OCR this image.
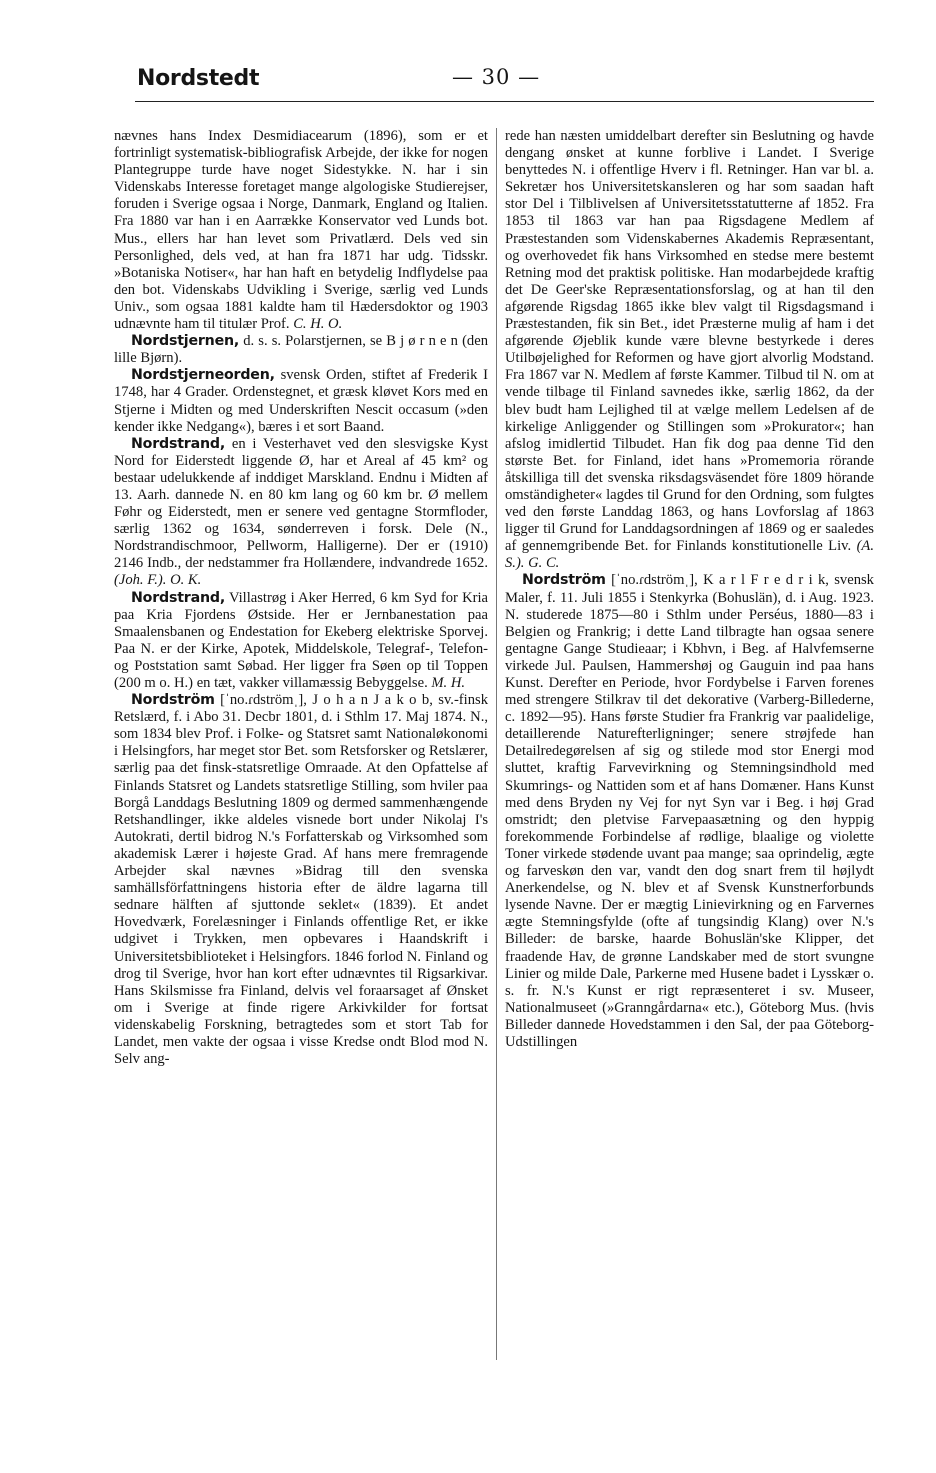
Nordstedt	— 30 —

nævnes hans Index Desmidiacearum (1896), som er et fortrinligt systematisk-bibliografisk Arbejde, der ikke for nogen Plantegruppe turde have noget Sidestykke. N. har i sin Videnskabs Interesse foretaget mange algologiske Studierejser, foruden i Sverige ogsaa i Norge, Danmark, England og Italien. Fra 1880 var han i en Aarrække Konservator ved Lunds bot. Mus., ellers har han levet som Privatlærd. Dels ved sin Personlighed, dels ved, at han fra 1871 har udg. Tidsskr. »Botaniska Notiser«, har han haft en betydelig Indflydelse paa den bot. Videnskabs Udvikling i Sverige, særlig ved Lunds Univ., som ogsaa 1881 kaldte ham til Hædersdoktor og 1903 udnævnte ham til titulær Prof. C. H. O.

Nordstjernen, d. s. s. Polarstjernen, se B j ø r n e n (den lille Bjørn).

Nordstjerneorden, svensk Orden, stiftet af Frederik I 1748, har 4 Grader. Ordenstegnet, et græsk kløvet Kors med en Stjerne i Midten og med Underskriften Nescit occasum (»den kender ikke Nedgang«), bæres i et sort Baand.

Nordstrand, en i Vesterhavet ved den slesvigske Kyst Nord for Eiderstedt liggende Ø, har et Areal af 45 km² og bestaar udelukkende af inddiget Marskland. Endnu i Midten af 13. Aarh. dannede N. en 80 km lang og 60 km br. Ø mellem Føhr og Eiderstedt, men er senere ved gentagne Stormfloder, særlig 1362 og 1634, sønderreven i forsk. Dele (N., Nordstrandischmoor, Pellworm, Halligerne). Der er (1910) 2146 Indb., der nedstammer fra Hollændere, indvandrede 1652. (Joh. F.). O. K.

Nordstrand, Villastrøg i Aker Herred, 6 km Syd for Kria paa Kria Fjordens Østside. Her er Jernbanestation paa Smaalensbanen og Endestation for Ekeberg elektriske Sporvej. Paa N. er der Kirke, Apotek, Middelskole, Telegraf-, Telefon- og Poststation samt Søbad. Her ligger fra Søen op til Toppen (200 m o. H.) en tæt, vakker villamæssig Bebyggelse. M. H.

Nordström [ˈno.ɾdströmˌ], J o h a n J a k o b, sv.-finsk Retslærd, f. i Abo 31. Decbr 1801, d. i Sthlm 17. Maj 1874. N., som 1834 blev Prof. i Folke- og Statsret samt Nationaløkonomi i Helsingfors, har meget stor Bet. som Retsforsker og Retslærer, særlig paa det finsk-statsretlige Omraade. At den Opfattelse af Finlands Statsret og Landets statsretlige Stilling, som hviler paa Borgå Landdags Beslutning 1809 og dermed sammenhængende Retshandlinger, ikke aldeles visnede bort under Nikolaj I's Autokrati, dertil bidrog N.'s Forfatterskab og Virksomhed som akademisk Lærer i højeste Grad. Af hans mere fremragende Arbejder skal nævnes »Bidrag till den svenska samhällsförfattningens historia efter de äldre lagarna till sednare hälften af sjuttonde seklet« (1839). Et andet Hovedværk, Forelæsninger i Finlands offentlige Ret, er ikke udgivet i Trykken, men opbevares i Haandskrift i Universitetsbiblioteket i Helsingfors. 1846 forlod N. Finland og drog til Sverige, hvor han kort efter udnævntes til Rigsarkivar. Hans Skilsmisse fra Finland, delvis vel foraarsaget af Ønsket om i Sverige at finde rigere Arkivkilder for fortsat videnskabelig Forskning, betragtedes som et stort Tab for Landet, men vakte der ogsaa i visse Kredse ondt Blod mod N. Selv ang-

rede han næsten umiddelbart derefter sin Beslutning og havde dengang ønsket at kunne forblive i Landet. I Sverige benyttedes N. i offentlige Hverv i fl. Retninger. Han var bl. a. Sekretær hos Universitetskansleren og har som saadan haft stor Del i Tilblivelsen af Universitetsstatutterne af 1852. Fra 1853 til 1863 var han paa Rigsdagene Medlem af Præstestanden som Videnskabernes Akademis Repræsentant, og overhovedet fik hans Virksomhed en stedse mere bestemt Retning mod det praktisk politiske. Han modarbejdede kraftig det De Geer'ske Repræsentationsforslag, og at han til den afgørende Rigsdag 1865 ikke blev valgt til Rigsdagsmand i Præstestanden, fik sin Bet., idet Præsterne mulig af ham i det afgørende Øjeblik kunde være blevne bestyrkede i deres Utilbøjelighed for Reformen og have gjort alvorlig Modstand. Fra 1867 var N. Medlem af første Kammer. Tilbud til N. om at vende tilbage til Finland savnedes ikke, særlig 1862, da der blev budt ham Lejlighed til at vælge mellem Ledelsen af de kirkelige Anliggender og Stillingen som »Prokurator«; han afslog imidlertid Tilbudet. Han fik dog paa denne Tid den største Bet. for Finland, idet hans »Promemoria rörande åtskilliga till det svenska riksdagsväsendet före 1809 hörande omständigheter« lagdes til Grund for den Ordning, som fulgtes ved den første Landdag 1863, og hans Lovforslag af 1863 ligger til Grund for Landdagsordningen af 1869 og er saaledes af gennemgribende Bet. for Finlands konstitutionelle Liv. (A. S.). G. C.

Nordström [ˈno.ɾdströmˌ], K a r l F r e d r i k, svensk Maler, f. 11. Juli 1855 i Stenkyrka (Bohuslän), d. i Aug. 1923. N. studerede 1875—80 i Sthlm under Perséus, 1880—83 i Belgien og Frankrig; i dette Land tilbragte han ogsaa senere gentagne Gange Studieaar; i Kbhvn, i Beg. af Halvfemserne virkede Jul. Paulsen, Hammershøj og Gauguin ind paa hans Kunst. Derefter en Periode, hvor Fordybelse i Farven forenes med strengere Stilkrav til det dekorative (Varberg-Billederne, c. 1892—95). Hans første Studier fra Frankrig var paalidelige, detaillerende Naturefterligninger; senere strøjfede han Detailredegørelsen af sig og stilede mod stor Energi mod sluttet, kraftig Farvevirkning og Stemningsindhold med Skumrings- og Nattiden som et af hans Domæner. Hans Kunst med dens Bryden ny Vej for nyt Syn var i Beg. i høj Grad omstridt; den pletvise Farvepaasætning og den hyppig forekommende Forbindelse af rødlige, blaalige og violette Toner virkede stødende uvant paa mange; saa oprindelig, ægte og farveskøn den var, vandt den dog snart frem til højlydt Anerkendelse, og N. blev et af Svensk Kunstnerforbunds lysende Navne. Der er mægtig Linievirkning og en Farvernes ægte Stemningsfylde (ofte af tungsindig Klang) over N.'s Billeder: de barske, haarde Bohuslän'ske Klipper, det fraadende Hav, de grønne Landskaber med de stort svungne Linier og milde Dale, Parkerne med Husene badet i Lysskær o. s. fr. N.'s Kunst er rigt repræsenteret i sv. Museer, Nationalmuseet (»Granngårdarna« etc.), Göteborg Mus. (hvis Billeder dannede Hovedstammen i den Sal, der paa Göteborg-Udstillingen
